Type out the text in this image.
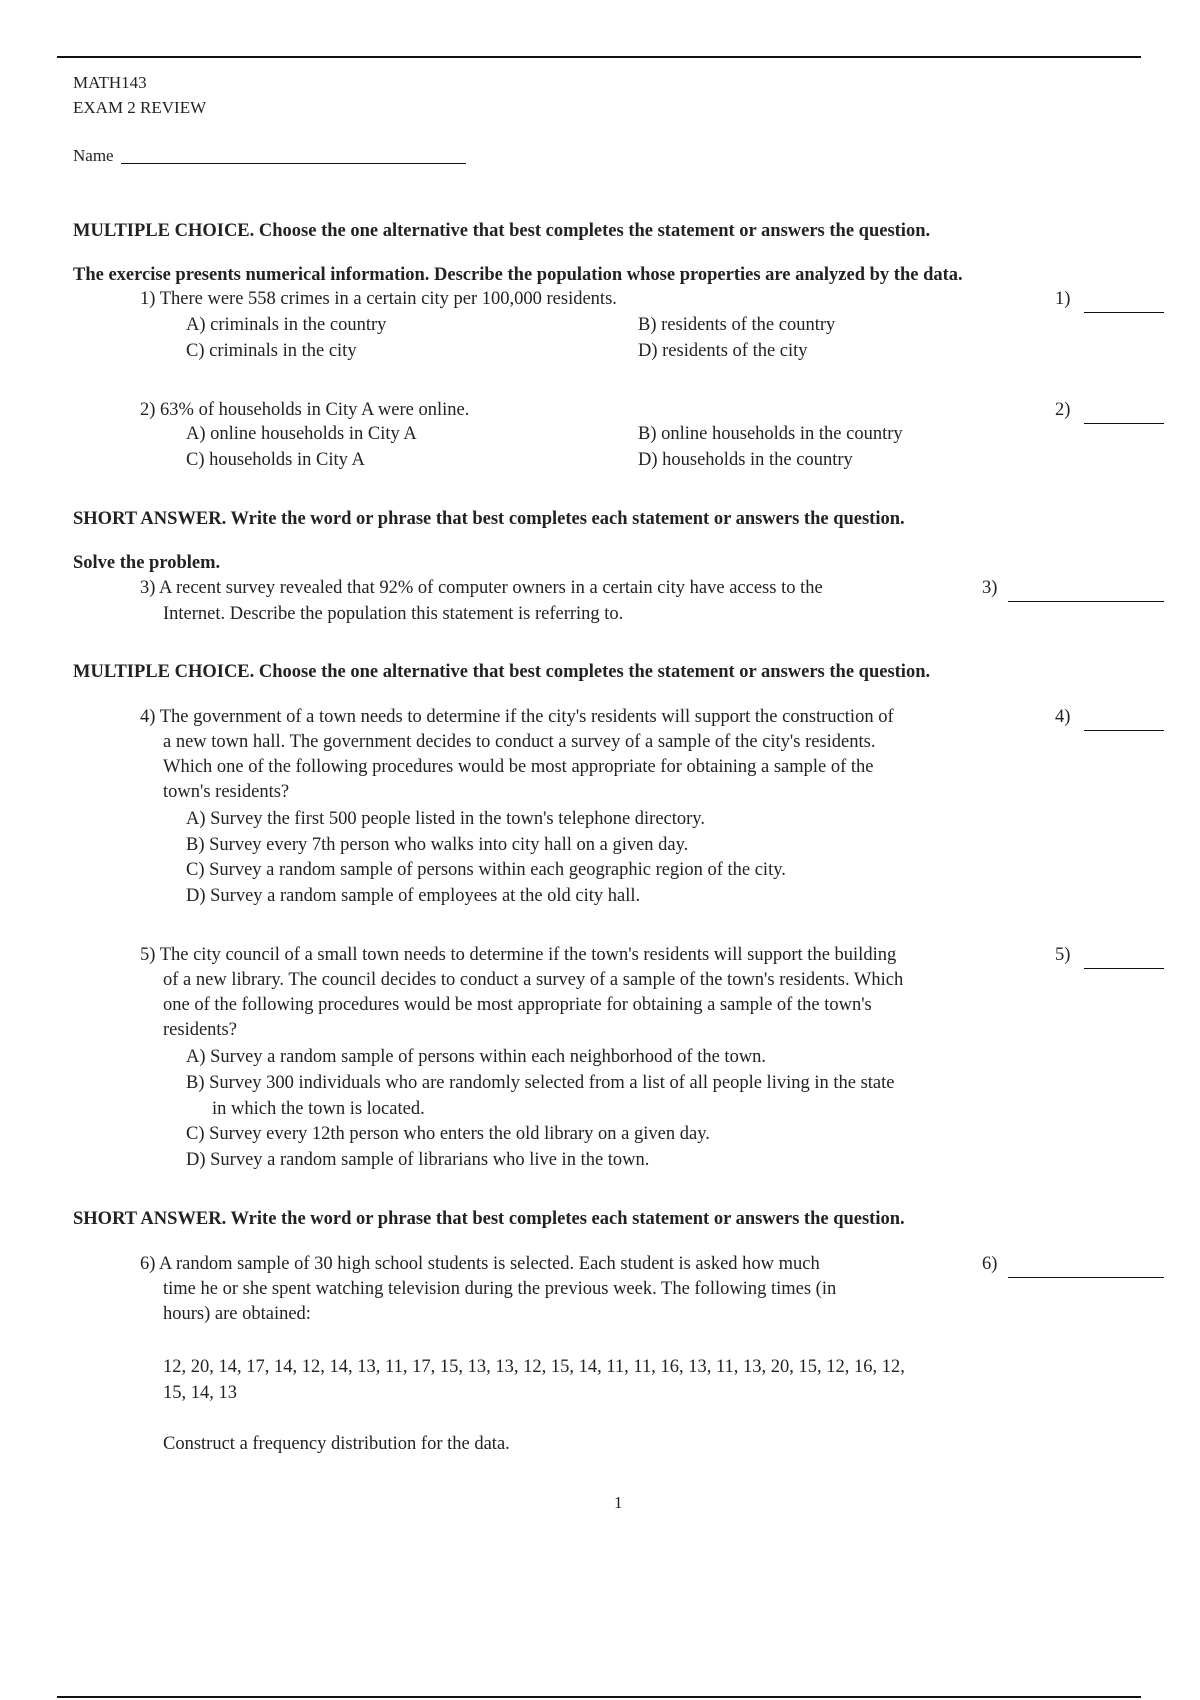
MATH143
EXAM 2 REVIEW
Name
MULTIPLE CHOICE. Choose the one alternative that best completes the statement or answers the question.
The exercise presents numerical information. Describe the population whose properties are analyzed by the data.
1) There were 558 crimes in a certain city per 100,000 residents.	1)
A) criminals in the country	B) residents of the country
C) criminals in the city	D) residents of the city
2) 63% of households in City A were online.	2)
A) online households in City A	B) online households in the country
C) households in City A	D) households in the country
SHORT ANSWER. Write the word or phrase that best completes each statement or answers the question.
Solve the problem.
3) A recent survey revealed that 92% of computer owners in a certain city have access to the
Internet. Describe the population this statement is referring to.
3)
MULTIPLE CHOICE. Choose the one alternative that best completes the statement or answers the question.
4) The government of a town needs to determine if the city's residents will support the construction of
a new town hall. The government decides to conduct a survey of a sample of the city's residents.
Which one of the following procedures would be most appropriate for obtaining a sample of the
town's residents?
4)
A) Survey the first 500 people listed in the town's telephone directory.
B) Survey every 7th person who walks into city hall on a given day.
C) Survey a random sample of persons within each geographic region of the city.
D) Survey a random sample of employees at the old city hall.
5) The city council of a small town needs to determine if the town's residents will support the building
of a new library. The council decides to conduct a survey of a sample of the town's residents. Which
one of the following procedures would be most appropriate for obtaining a sample of the town's
residents?
5)
A) Survey a random sample of persons within each neighborhood of the town.
B) Survey 300 individuals who are randomly selected from a list of all people living in the state
in which the town is located.
C) Survey every 12th person who enters the old library on a given day.
D) Survey a random sample of librarians who live in the town.
SHORT ANSWER. Write the word or phrase that best completes each statement or answers the question.
6) A random sample of 30 high school students is selected. Each student is asked how much
time he or she spent watching television during the previous week. The following times (in
hours) are obtained:
6)
12, 20, 14, 17, 14, 12, 14, 13, 11, 17, 15, 13, 13, 12, 15, 14, 11, 11, 16, 13, 11, 13, 20, 15, 12, 16, 12,
15, 14, 13
Construct a frequency distribution for the data.
1
